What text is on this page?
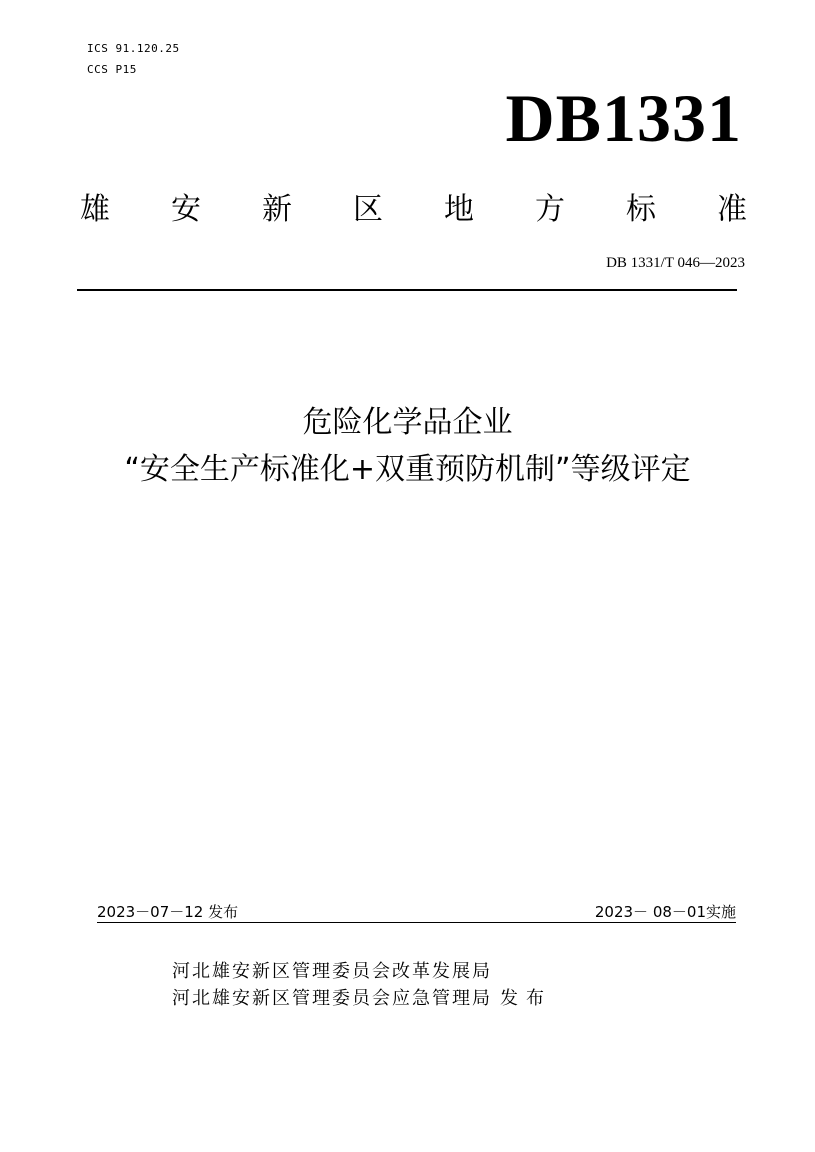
ICS 91.120.25
CCS P15
DB1331
雄 安 新 区 地 方 标 准
DB 1331/T 046—2023
危险化学品企业
“安全生产标准化+双重预防机制”等级评定
2023－07－12 发布	2023－ 08－01实施
河北雄安新区管理委员会改革发展局
河北雄安新区管理委员会应急管理局 发布
